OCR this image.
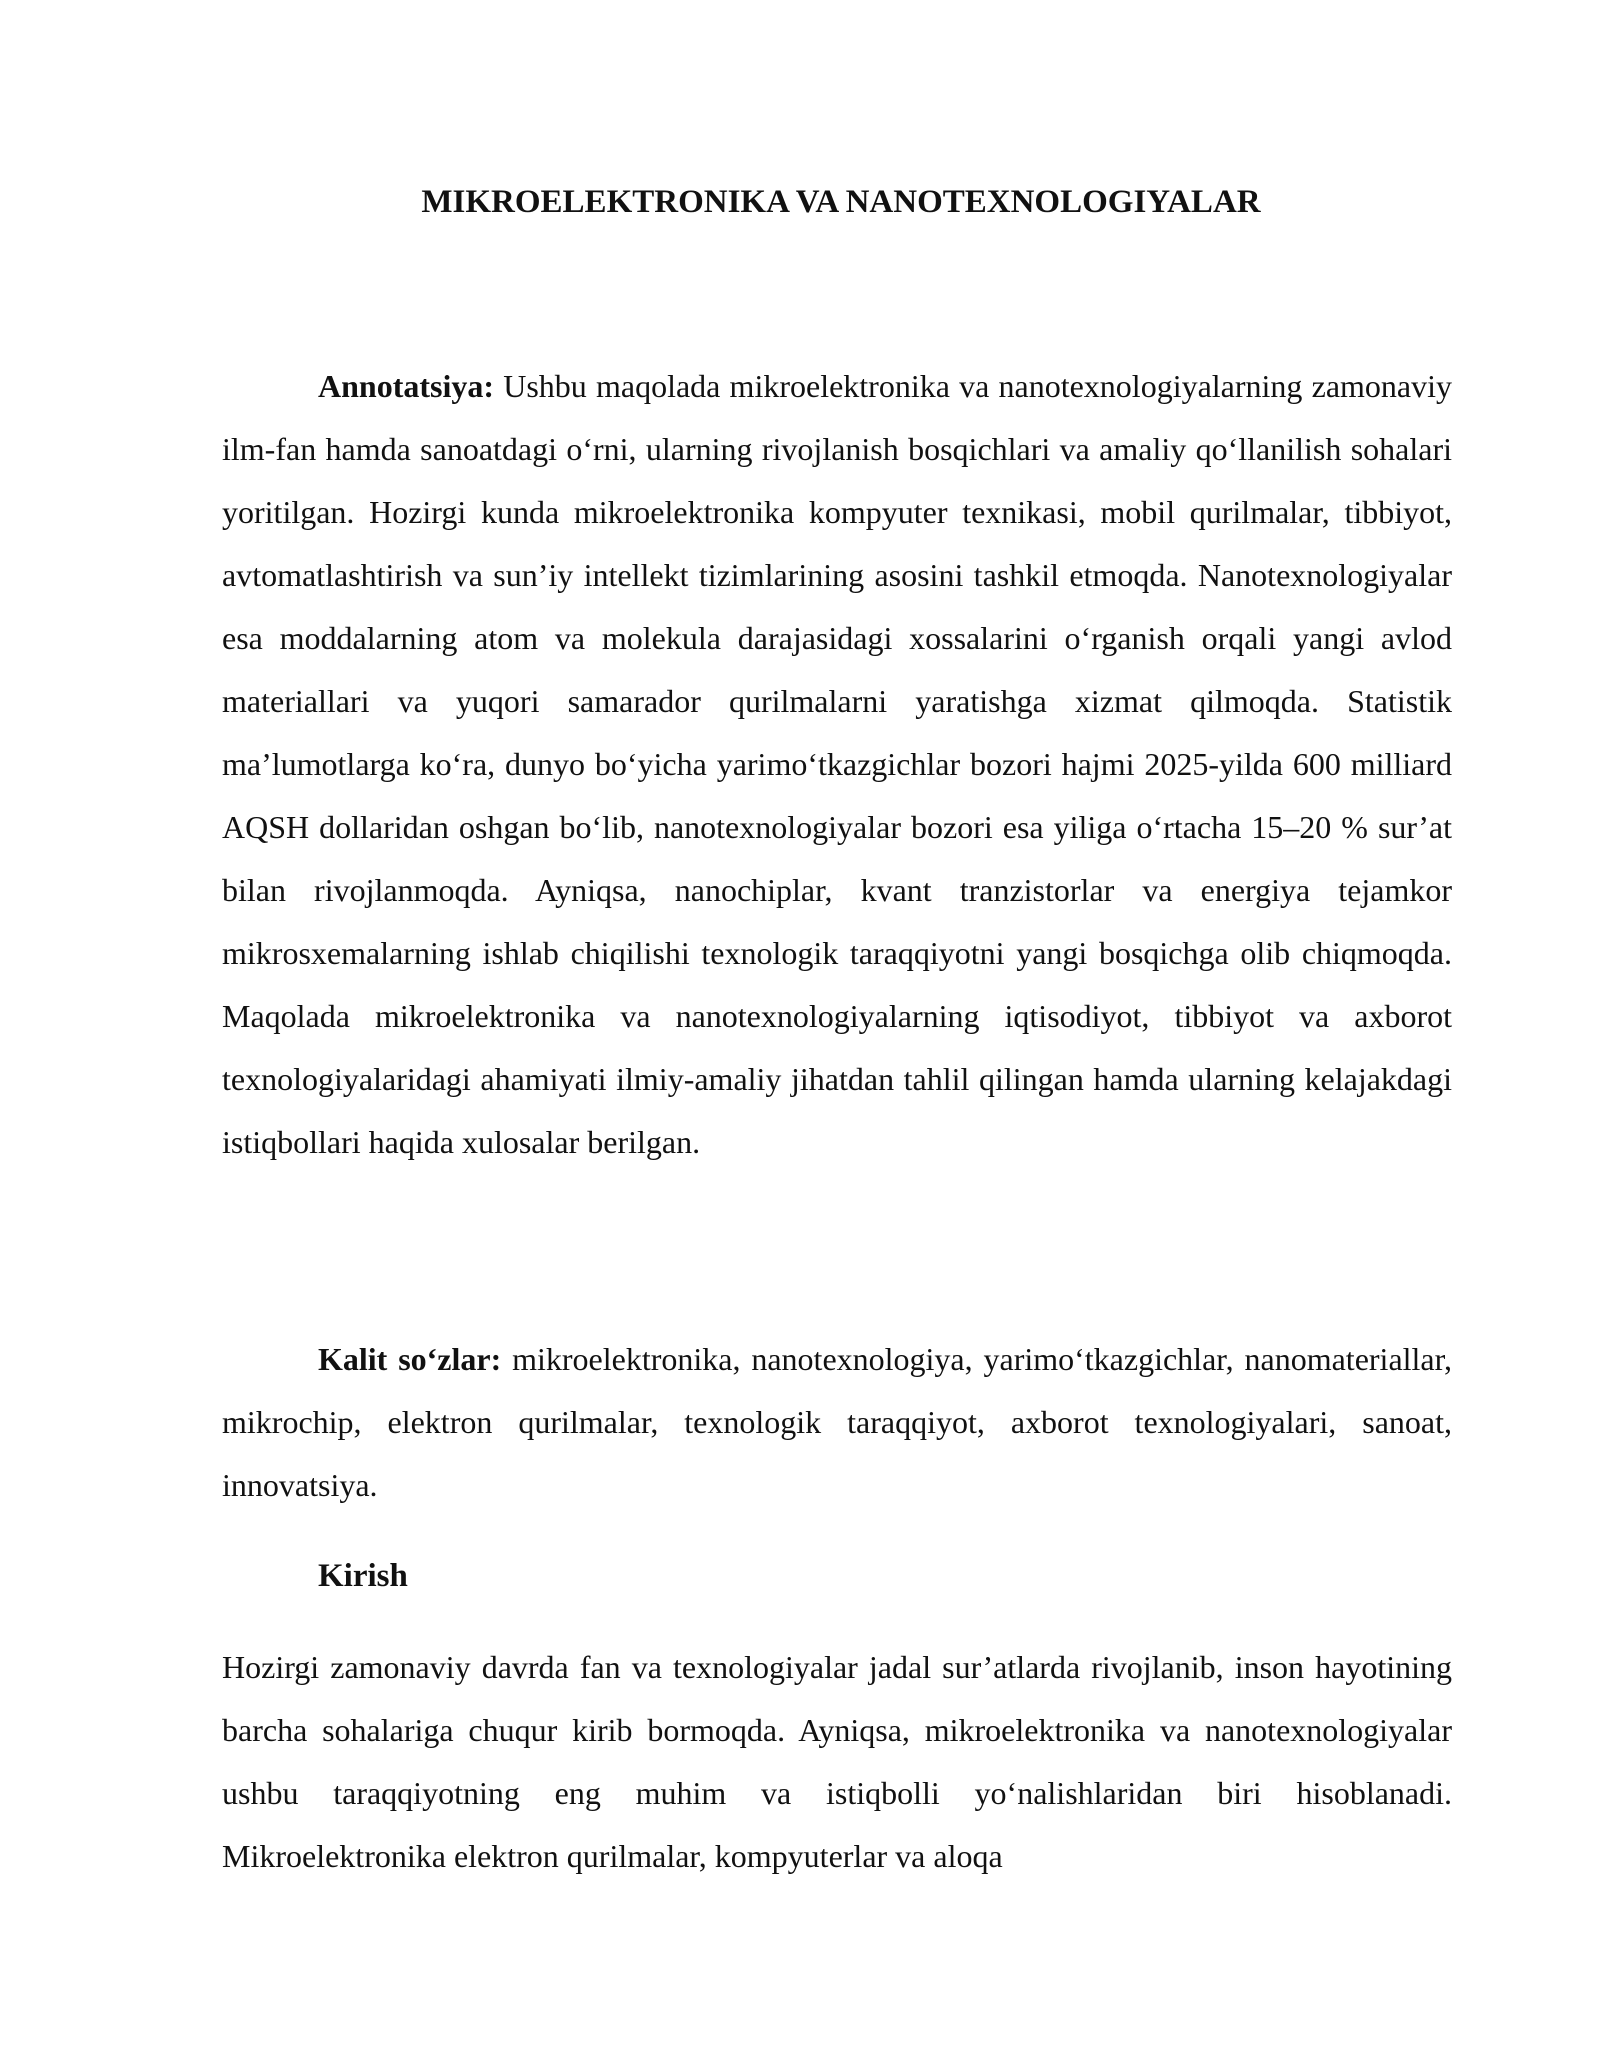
MIKROELEKTRONIKA VA NANOTEXNOLOGIYALAR

Annotatsiya: Ushbu maqolada mikroelektronika va nanotexnologiyalarning zamonaviy ilm-fan hamda sanoatdagi o‘rni, ularning rivojlanish bosqichlari va amaliy qo‘llanilish sohalari yoritilgan. Hozirgi kunda mikroelektronika kompyuter texnikasi, mobil qurilmalar, tibbiyot, avtomatlashtirish va sun’iy intellekt tizimlarining asosini tashkil etmoqda. Nanotexnologiyalar esa moddalarning atom va molekula darajasidagi xossalarini o‘rganish orqali yangi avlod materiallari va yuqori samarador qurilmalarni yaratishga xizmat qilmoqda. Statistik ma’lumotlarga ko‘ra, dunyo bo‘yicha yarimo‘tkazgichlar bozori hajmi 2025-yilda 600 milliard AQSH dollaridan oshgan bo‘lib, nanotexnologiyalar bozori esa yiliga o‘rtacha 15–20 % sur’at bilan rivojlanmoqda. Ayniqsa, nanochiplar, kvant tranzistorlar va energiya tejamkor mikrosxemalarning ishlab chiqilishi texnologik taraqqiyotni yangi bosqichga olib chiqmoqda. Maqolada mikroelektronika va nanotexnologiyalarning iqtisodiyot, tibbiyot va axborot texnologiyalaridagi ahamiyati ilmiy-amaliy jihatdan tahlil qilingan hamda ularning kelajakdagi istiqbollari haqida xulosalar berilgan.

Kalit so‘zlar: mikroelektronika, nanotexnologiya, yarimo‘tkazgichlar, nanomateriallar, mikrochip, elektron qurilmalar, texnologik taraqqiyot, axborot texnologiyalari, sanoat, innovatsiya.

Kirish

Hozirgi zamonaviy davrda fan va texnologiyalar jadal sur’atlarda rivojlanib, inson hayotining barcha sohalariga chuqur kirib bormoqda. Ayniqsa, mikroelektronika va nanotexnologiyalar ushbu taraqqiyotning eng muhim va istiqbolli yo‘nalishlaridan biri hisoblanadi. Mikroelektronika elektron qurilmalar, kompyuterlar va aloqa
